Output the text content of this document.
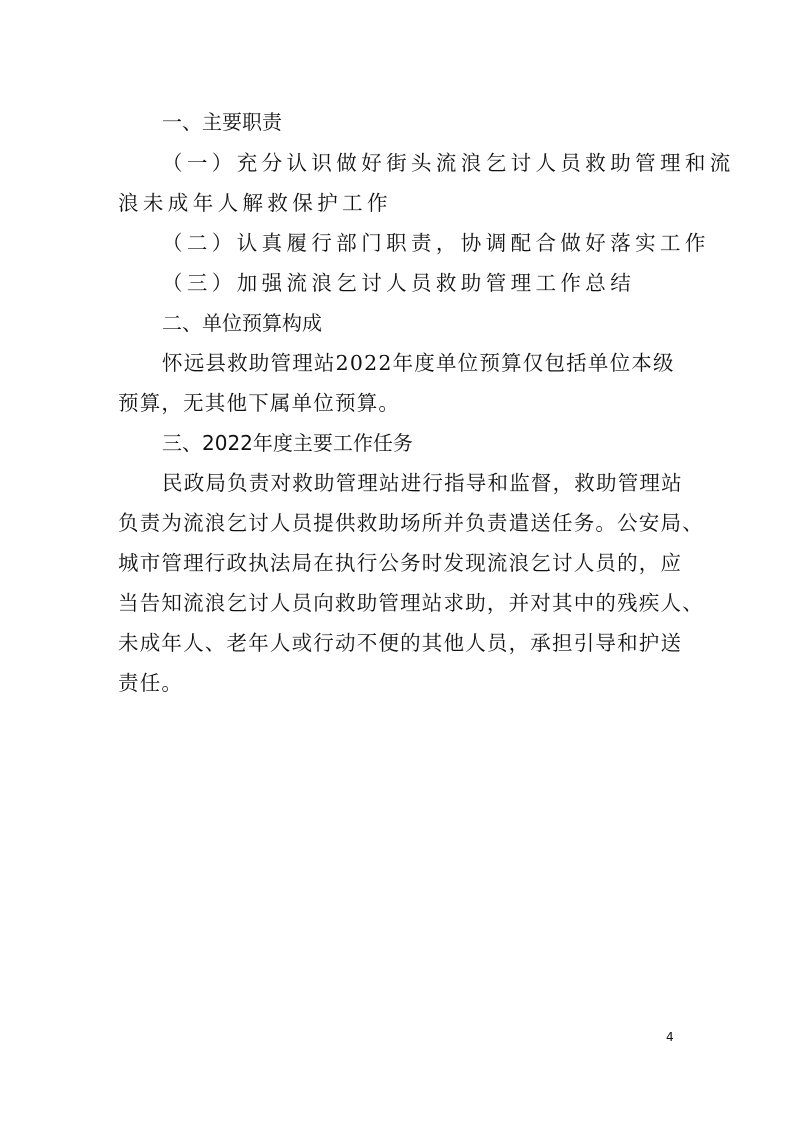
一、主要职责
（一）充分认识做好街头流浪乞讨人员救助管理和流
浪未成年人解救保护工作
（二）认真履行部门职责，协调配合做好落实工作
（三）加强流浪乞讨人员救助管理工作总结
二、单位预算构成
怀远县救助管理站2022年度单位预算仅包括单位本级
预算，无其他下属单位预算。
三、2022年度主要工作任务
民政局负责对救助管理站进行指导和监督，救助管理站
负责为流浪乞讨人员提供救助场所并负责遣送任务。公安局、
城市管理行政执法局在执行公务时发现流浪乞讨人员的，应
当告知流浪乞讨人员向救助管理站求助，并对其中的残疾人、
未成年人、老年人或行动不便的其他人员，承担引导和护送
责任。
4
